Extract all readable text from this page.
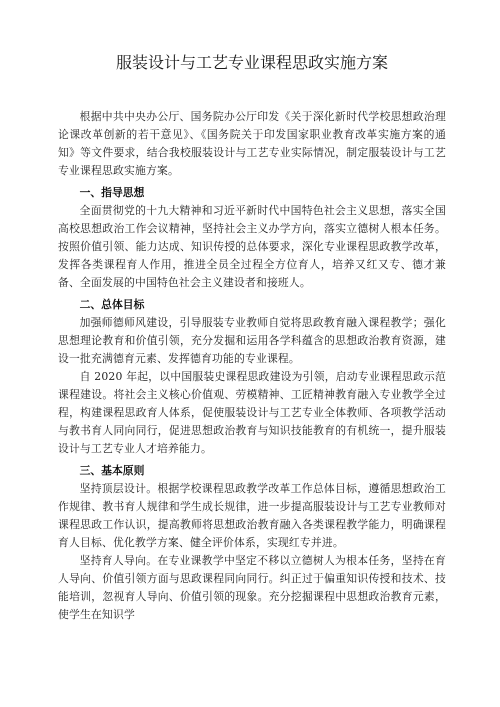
服装设计与工艺专业课程思政实施方案

根据中共中央办公厅、国务院办公厅印发《关于深化新时代学校思想政治理论课改革创新的若干意见》、《国务院关于印发国家职业教育改革实施方案的通知》等文件要求，结合我校服装设计与工艺专业实际情况，制定服装设计与工艺专业课程思政实施方案。

一、指导思想

全面贯彻党的十九大精神和习近平新时代中国特色社会主义思想，落实全国高校思想政治工作会议精神，坚持社会主义办学方向，落实立德树人根本任务。按照价值引领、能力达成、知识传授的总体要求，深化专业课程思政教学改革，发挥各类课程育人作用，推进全员全过程全方位育人，培养又红又专、德才兼备、全面发展的中国特色社会主义建设者和接班人。

二、总体目标

加强师德师风建设，引导服装专业教师自觉将思政教育融入课程教学；强化思想理论教育和价值引领，充分发掘和运用各学科蕴含的思想政治教育资源，建设一批充满德育元素、发挥德育功能的专业课程。

自 2020 年起，以中国服装史课程思政建设为引领，启动专业课程思政示范课程建设。将社会主义核心价值观、劳模精神、工匠精神教育融入专业教学全过程，构建课程思政育人体系，促使服装设计与工艺专业全体教师、各项教学活动与教书育人同向同行，促进思想政治教育与知识技能教育的有机统一，提升服装设计与工艺专业人才培养能力。

三、基本原则

坚持顶层设计。根据学校课程思政教学改革工作总体目标，遵循思想政治工作规律、教书育人规律和学生成长规律，进一步提高服装设计与工艺专业教师对课程思政工作认识，提高教师将思想政治教育融入各类课程教学能力，明确课程育人目标、优化教学方案、健全评价体系，实现红专并进。

坚持育人导向。在专业课教学中坚定不移以立德树人为根本任务，坚持在育人导向、价值引领方面与思政课程同向同行。纠正过于偏重知识传授和技术、技能培训，忽视育人导向、价值引领的现象。充分挖掘课程中思想政治教育元素，使学生在知识学
